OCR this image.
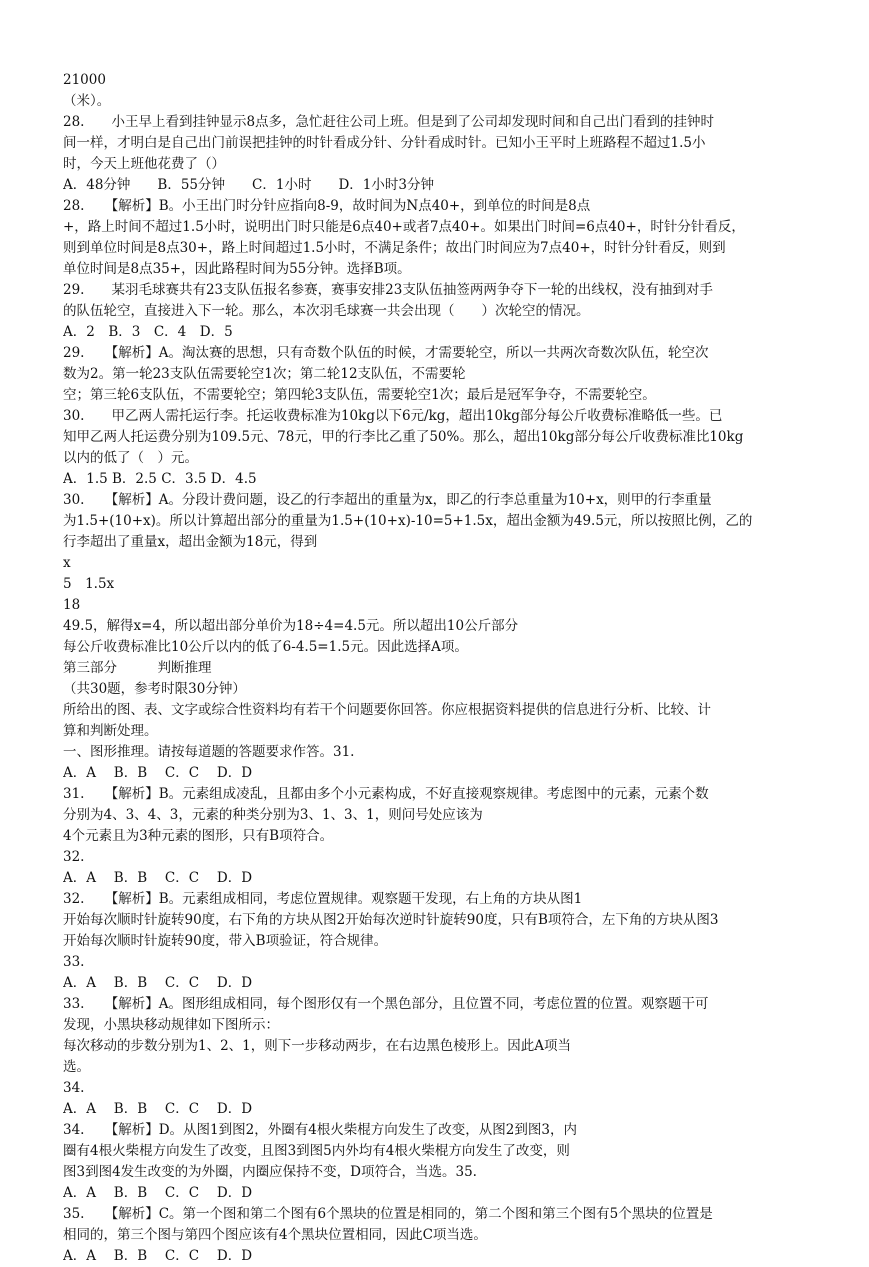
21000
（米）。
28.　　小王早上看到挂钟显示8点多，急忙赶往公司上班。但是到了公司却发现时间和自己出门看到的挂钟时
间一样，才明白是自己出门前误把挂钟的时针看成分针、分针看成时针。已知小王平时上班路程不超过1.5小
时，今天上班他花费了（）
A．48分钟　　B．55分钟　　C．1小时　　D．1小时3分钟
28.　　【解析】B。小王出门时分针应指向8-9，故时间为N点40+，到单位的时间是8点
+，路上时间不超过1.5小时，说明出门时只能是6点40+或者7点40+。如果出门时间=6点40+，时针分针看反，
则到单位时间是8点30+，路上时间超过1.5小时，不满足条件；故出门时间应为7点40+，时针分针看反，则到
单位时间是8点35+，因此路程时间为55分钟。选择B项。
29.　　某羽毛球赛共有23支队伍报名参赛，赛事安排23支队伍抽签两两争夺下一轮的出线权，没有抽到对手
的队伍轮空，直接进入下一轮。那么，本次羽毛球赛一共会出现（　　）次轮空的情况。
A．2　B．3　C．4　D．5
29.　　【解析】A。淘汰赛的思想，只有奇数个队伍的时候，才需要轮空，所以一共两次奇数次队伍，轮空次
数为2。第一轮23支队伍需要轮空1次；第二轮12支队伍，不需要轮
空；第三轮6支队伍，不需要轮空；第四轮3支队伍，需要轮空1次；最后是冠军争夺，不需要轮空。
30.　　甲乙两人需托运行李。托运收费标准为10kg以下6元/kg，超出10kg部分每公斤收费标准略低一些。已
知甲乙两人托运费分别为109.5元、78元，甲的行李比乙重了50%。那么，超出10kg部分每公斤收费标准比10kg
以内的低了（　）元。
A．1.5 B．2.5 C．3.5 D．4.5
30.　　【解析】A。分段计费问题，设乙的行李超出的重量为x，即乙的行李总重量为10+x，则甲的行李重量
为1.5+(10+x)。所以计算超出部分的重量为1.5+(10+x)-10=5+1.5x，超出金额为49.5元，所以按照比例，乙的
行李超出了重量x，超出金额为18元，得到
x
5　1.5x
18
49.5，解得x=4，所以超出部分单价为18÷4=4.5元。所以超出10公斤部分
每公斤收费标准比10公斤以内的低了6-4.5=1.5元。因此选择A项。
第三部分　　　判断推理
（共30题，参考时限30分钟）
所给出的图、表、文字或综合性资料均有若干个问题要你回答。你应根据资料提供的信息进行分析、比较、计
算和判断处理。
一、图形推理。请按每道题的答题要求作答。31.
A．A　 B．B　 C．C　 D．D
31.　　【解析】B。元素组成凌乱，且都由多个小元素构成，不好直接观察规律。考虑图中的元素，元素个数
分别为4、3、4、3，元素的种类分别为3、1、3、1，则问号处应该为
4个元素且为3种元素的图形，只有B项符合。
32.
A．A　 B．B　 C．C　 D．D
32.　　【解析】B。元素组成相同，考虑位置规律。观察题干发现，右上角的方块从图1
开始每次顺时针旋转90度，右下角的方块从图2开始每次逆时针旋转90度，只有B项符合，左下角的方块从图3
开始每次顺时针旋转90度，带入B项验证，符合规律。
33.
A．A　 B．B　 C．C　 D．D
33.　　【解析】A。图形组成相同，每个图形仅有一个黑色部分，且位置不同，考虑位置的位置。观察题干可
发现，小黑块移动规律如下图所示：
每次移动的步数分别为1、2、1，则下一步移动两步，在右边黑色棱形上。因此A项当
选。
34.
A．A　 B．B　 C．C　 D．D
34.　　【解析】D。从图1到图2，外圈有4根火柴棍方向发生了改变，从图2到图3，内
圈有4根火柴棍方向发生了改变，且图3到图5内外均有4根火柴棍方向发生了改变，则
图3到图4发生改变的为外圈，内圈应保持不变，D项符合，当选。35.
A．A　 B．B　 C．C　 D．D
35.　　【解析】C。第一个图和第二个图有6个黑块的位置是相同的，第二个图和第三个图有5个黑块的位置是
相同的，第三个图与第四个图应该有4个黑块位置相同，因此C项当选。
A．A　 B．B　 C．C　 D．D
